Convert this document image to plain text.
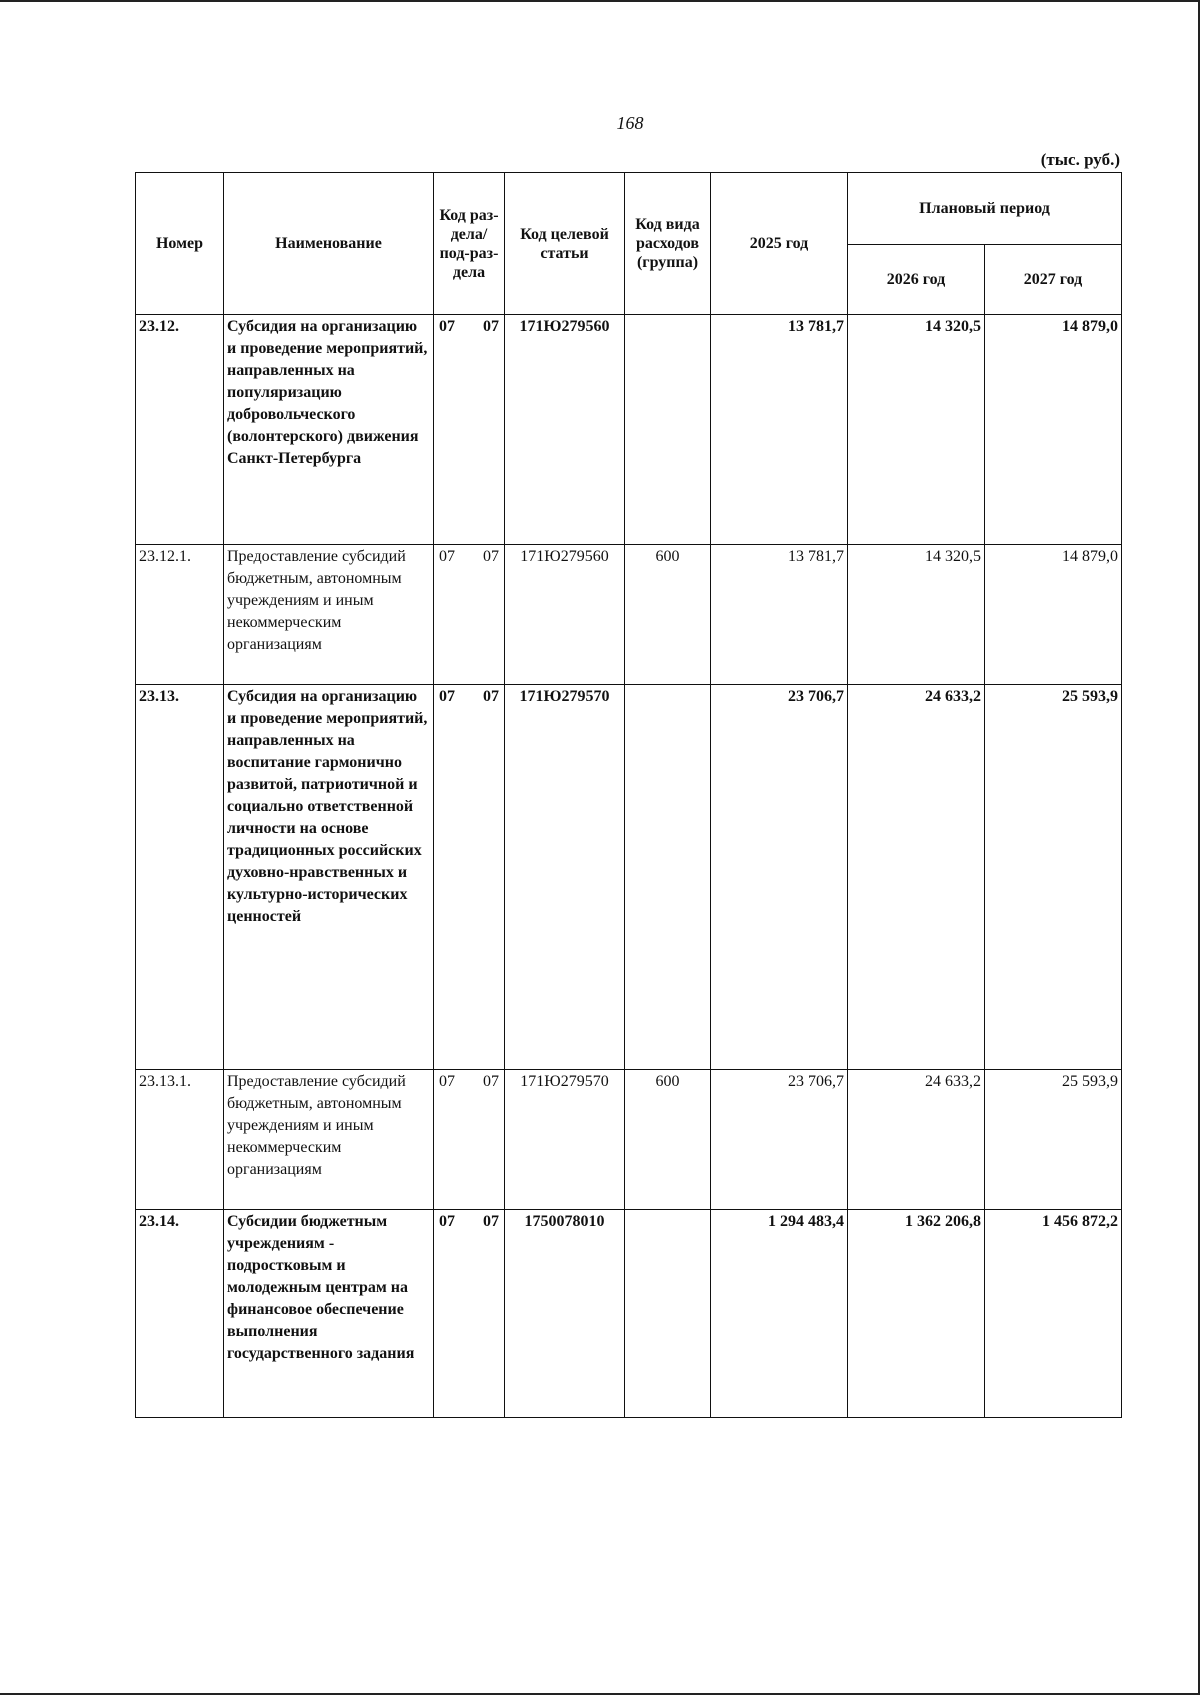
168
(тыс. руб.)
Номер	Наименование	Код раз-дела/ под-раз-дела	Код целевой статьи	Код вида расходов (группа)	2025 год	Плановый период	
						2026 год	2027 год
23.12.	Субсидия на организацию и проведение мероприятий, направленных на популяризацию добровольческого (волонтерского) движения Санкт-Петербурга	07 07	171Ю279560		13 781,7	14 320,5	14 879,0
23.12.1.	Предоставление субсидий бюджетным, автономным учреждениям и иным некоммерческим организациям	07 07	171Ю279560	600	13 781,7	14 320,5	14 879,0
23.13.	Субсидия на организацию и проведение мероприятий, направленных на воспитание гармонично развитой, патриотичной и социально ответственной личности на основе традиционных российских духовно-нравственных и культурно-исторических ценностей	07 07	171Ю279570		23 706,7	24 633,2	25 593,9
23.13.1.	Предоставление субсидий бюджетным, автономным учреждениям и иным некоммерческим организациям	07 07	171Ю279570	600	23 706,7	24 633,2	25 593,9
23.14.	Субсидии бюджетным учреждениям - подростковым и молодежным центрам на финансовое обеспечение выполнения государственного задания	07 07	1750078010		1 294 483,4	1 362 206,8	1 456 872,2
